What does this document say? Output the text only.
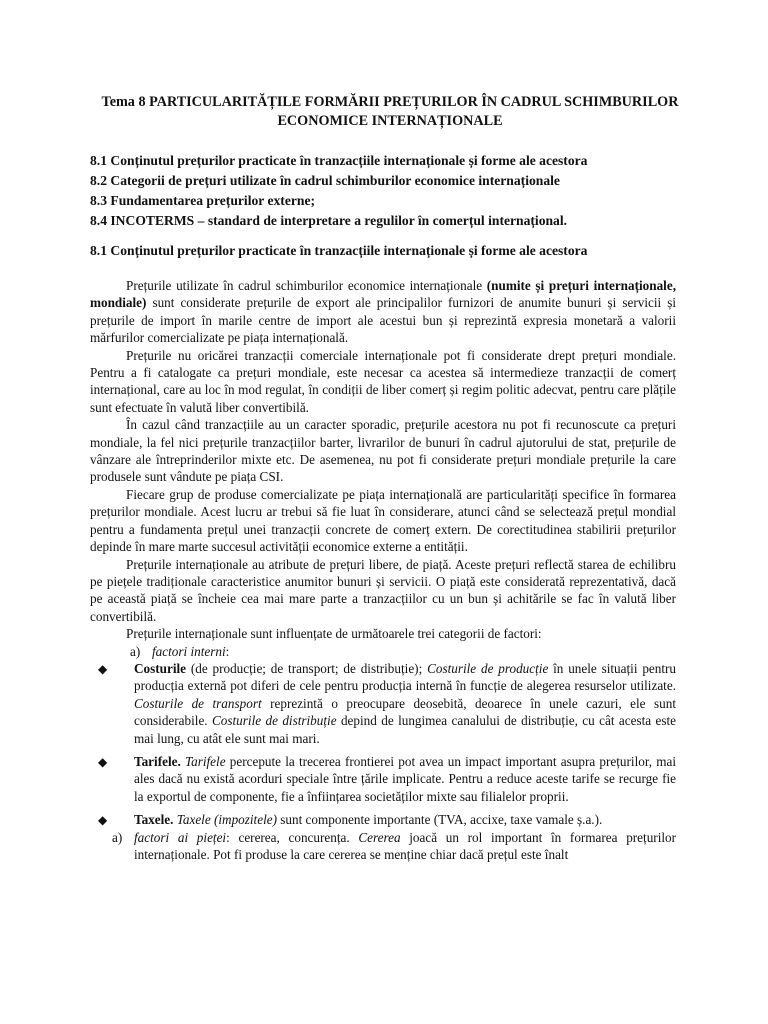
Tema 8 PARTICULARITĂȚILE FORMĂRII PREȚURILOR ÎN CADRUL SCHIMBURILOR
ECONOMICE INTERNAȚIONALE
8.1 Conținutul prețurilor practicate în tranzacțiile internaționale și forme ale acestora
8.2 Categorii de prețuri utilizate în cadrul schimburilor economice internaționale
8.3 Fundamentarea prețurilor externe;
8.4 INCOTERMS – standard de interpretare a regulilor în comerțul internațional.
8.1 Conținutul prețurilor practicate în tranzacțiile internaționale și forme ale acestora

Prețurile utilizate în cadrul schimburilor economice internaționale (numite și prețuri internaționale, mondiale) sunt considerate prețurile de export ale principalilor furnizori de anumite bunuri și servicii și prețurile de import în marile centre de import ale acestui bun și reprezintă expresia monetară a valorii mărfurilor comercializate pe piața internațională.

Prețurile nu oricărei tranzacții comerciale internaționale pot fi considerate drept prețuri mondiale. Pentru a fi catalogate ca prețuri mondiale, este necesar ca acestea să intermedieze tranzacții de comerț internațional, care au loc în mod regulat, în condiții de liber comerț și regim politic adecvat, pentru care plățile sunt efectuate în valută liber convertibilă.

În cazul când tranzacțiile au un caracter sporadic, prețurile acestora nu pot fi recunoscute ca prețuri mondiale, la fel nici prețurile tranzacțiilor barter, livrarilor de bunuri în cadrul ajutorului de stat, prețurile de vânzare ale întreprinderilor mixte etc. De asemenea, nu pot fi considerate prețuri mondiale prețurile la care produsele sunt vândute pe piața CSI.

Fiecare grup de produse comercializate pe piața internațională are particularități specifice în formarea prețurilor mondiale. Acest lucru ar trebui să fie luat în considerare, atunci când se selectează prețul mondial pentru a fundamenta prețul unei tranzacții concrete de comerț extern. De corectitudinea stabilirii prețurilor depinde în mare marte succesul activității economice externe a entității.

Prețurile internaționale au atribute de prețuri libere, de piață. Aceste prețuri reflectă starea de echilibru pe piețele tradiționale caracteristice anumitor bunuri și servicii. O piață este considerată reprezentativă, dacă pe această piață se încheie cea mai mare parte a tranzacțiilor cu un bun și achitările se fac în valută liber convertibilă.

Prețurile internaționale sunt influențate de următoarele trei categorii de factori:

a) factori interni:
◆ Costurile (de producție; de transport; de distribuție); Costurile de producție în unele situații pentru producția externă pot diferi de cele pentru producția internă în funcție de alegerea resurselor utilizate. Costurile de transport reprezintă o preocupare deosebită, deoarece în unele cazuri, ele sunt considerabile. Costurile de distribuție depind de lungimea canalului de distribuție, cu cât acesta este mai lung, cu atât ele sunt mai mari.
◆ Tarifele. Tarifele percepute la trecerea frontierei pot avea un impact important asupra prețurilor, mai ales dacă nu există acorduri speciale între țările implicate. Pentru a reduce aceste tarife se recurge fie la exportul de componente, fie a înființarea societăților mixte sau filialelor proprii.
◆ Taxele. Taxele (impozitele) sunt componente importante (TVA, accixe, taxe vamale ș.a.).
a) factori ai pieței: cererea, concurența. Cererea joacă un rol important în formarea prețurilor internaționale. Pot fi produse la care cererea se menține chiar dacă prețul este înalt
